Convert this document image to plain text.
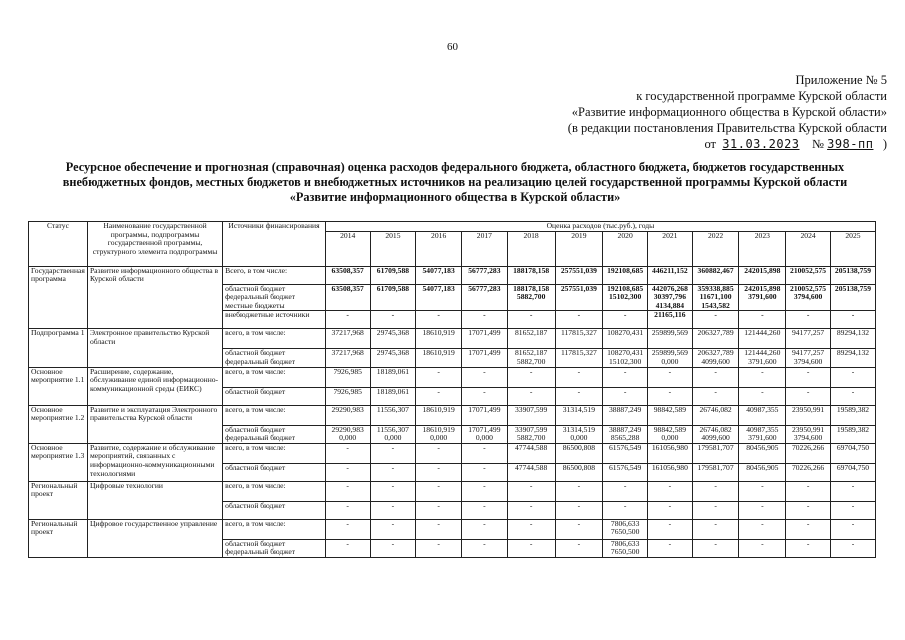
60
Приложение № 5
к государственной программе Курской области
«Развитие информационного общества в Курской области»
(в редакции постановления Правительства Курской области
от 31.03.2023 № 398-пп )
Ресурсное обеспечение и прогнозная (справочная) оценка расходов федерального бюджета, областного бюджета, бюджетов государственных внебюджетных фондов, местных бюджетов и внебюджетных источников на реализацию целей государственной программы Курской области «Развитие информационного общества в Курской области»
Статус	Наименование государственной программы, подпрограммы государственной программы, структурного элемента подпрограммы	Источники финансирования	Оценка расходов (тыс.руб.), годы											
			2014	2015	2016	2017	2018	2019	2020	2021	2022	2023	2024	2025
Государственная программа	Развитие информационного общества в Курской области	Всего, в том числе:	63508,357	61709,588	54077,183	56777,283	188178,158	257551,039	192108,685	446211,152	360882,467	242015,898	210052,575	205138,759
		областной бюджет федеральный бюджет местные бюджеты	63508,357	61709,588	54077,183	56777,283	188178,158 5882,700	257551,039	192108,685 15102,300	442076,268 30397,796 4134,884	359338,885 11671,100 1543,582	242015,898 3791,600	210052,575 3794,600	205138,759
		внебюджетные источники	-	-	-	-	-	-	-	21165,116	-	-	-	-
Подпрограмма 1	Электронное правительство Курской области	всего, в том числе:	37217,968	29745,368	18610,919	17071,499	81652,187	117815,327	108270,431	259899,569	206327,789	121444,260	94177,257	89294,132
		областной бюджет федеральный бюджет	37217,968	29745,368	18610,919	17071,499	81652,187 5882,700	117815,327	108270,431 15102,300	259899,569 0,000	206327,789 4099,600	121444,260 3791,600	94177,257 3794,600	89294,132
Основное мероприятие 1.1	Расширение, содержание, обслуживание единой информационно-коммуникационной среды (ЕИКС)	всего, в том числе:	7926,985	18189,061	-	-	-	-	-	-	-	-	-	-
		областной бюджет	7926,985	18189,061	-	-	-	-	-	-	-	-	-	-
Основное мероприятие 1.2	Развитие и эксплуатация Электронного правительства Курской области	всего, в том числе:	29290,983	11556,307	18610,919	17071,499	33907,599	31314,519	38887,249	98842,589	26746,082	40987,355	23950,991	19589,382
		областной бюджет федеральный бюджет	29290,983 0,000	11556,307 0,000	18610,919 0,000	17071,499 0,000	33907,599 5882,700	31314,519 0,000	38887,249 8565,288	98842,589 0,000	26746,082 4099,600	40987,355 3791,600	23950,991 3794,600	19589,382
Основное мероприятие 1.3	Развитие, содержание и обслуживание мероприятий, связанных с информационно-коммуникационными технологиями	всего, в том числе:	-	-	-	-	47744,588	86500,808	61576,549	161056,980	179581,707	80456,905	70226,266	69704,750
		областной бюджет	-	-	-	-	47744,588	86500,808	61576,549	161056,980	179581,707	80456,905	70226,266	69704,750
Региональный проект	Цифровые технологии	всего, в том числе:	-	-	-	-	-	-	-	-	-	-	-	-
		областной бюджет	-	-	-	-	-	-	-	-	-	-	-	-
Региональный проект	Цифровое государственное управление	всего, в том числе:	-	-	-	-	-	-	7806,633 7650,500	-	-	-	-	-
		областной бюджет федеральный бюджет	-	-	-	-	-	-	7806,633 7650,500	-	-	-	-	-
